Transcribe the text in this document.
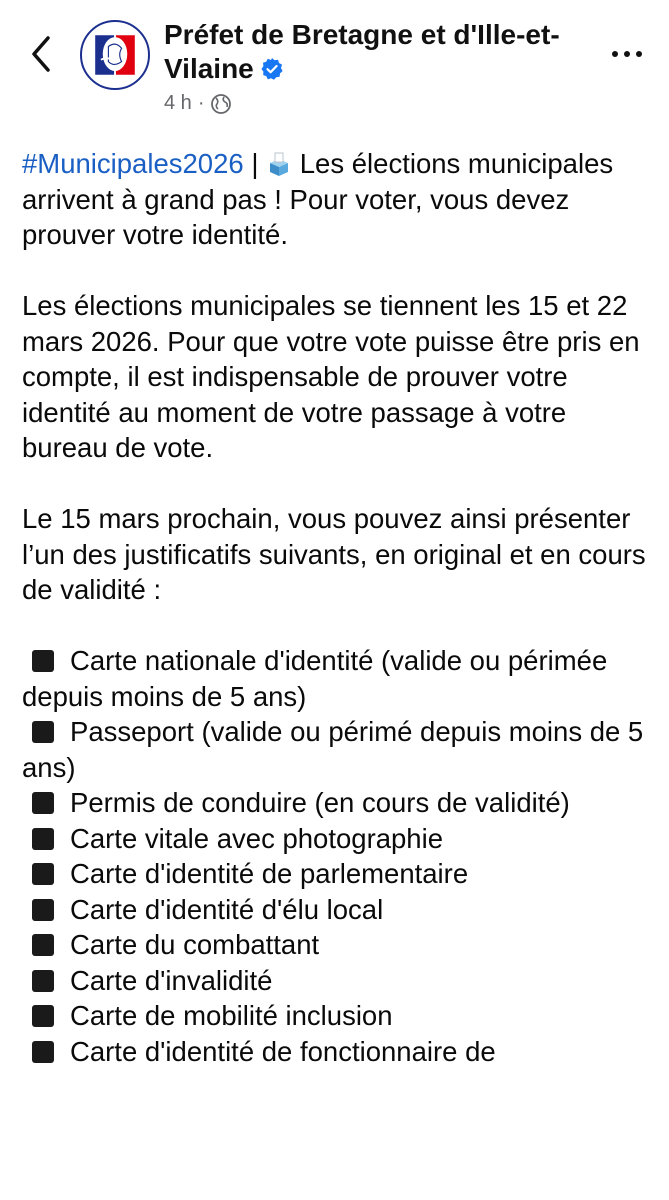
Préfet de Bretagne et d'Ille-et-Vilaine
4 h ·

#Municipales2026 |  Les élections municipales arrivent à grand pas ! Pour voter, vous devez prouver votre identité.

Les élections municipales se tiennent les 15 et 22 mars 2026. Pour que votre vote puisse être pris en compte, il est indispensable de prouver votre identité au moment de votre passage à votre bureau de vote.

Le 15 mars prochain, vous pouvez ainsi présenter l’un des justificatifs suivants, en original et en cours de validité :

Carte nationale d'identité (valide ou périmée depuis moins de 5 ans)

Passeport (valide ou périmé depuis moins de 5 ans)

Permis de conduire (en cours de validité)

Carte vitale avec photographie

Carte d'identité de parlementaire

Carte d'identité d'élu local

Carte du combattant

Carte d'invalidité

Carte de mobilité inclusion

Carte d'identité de fonctionnaire de
